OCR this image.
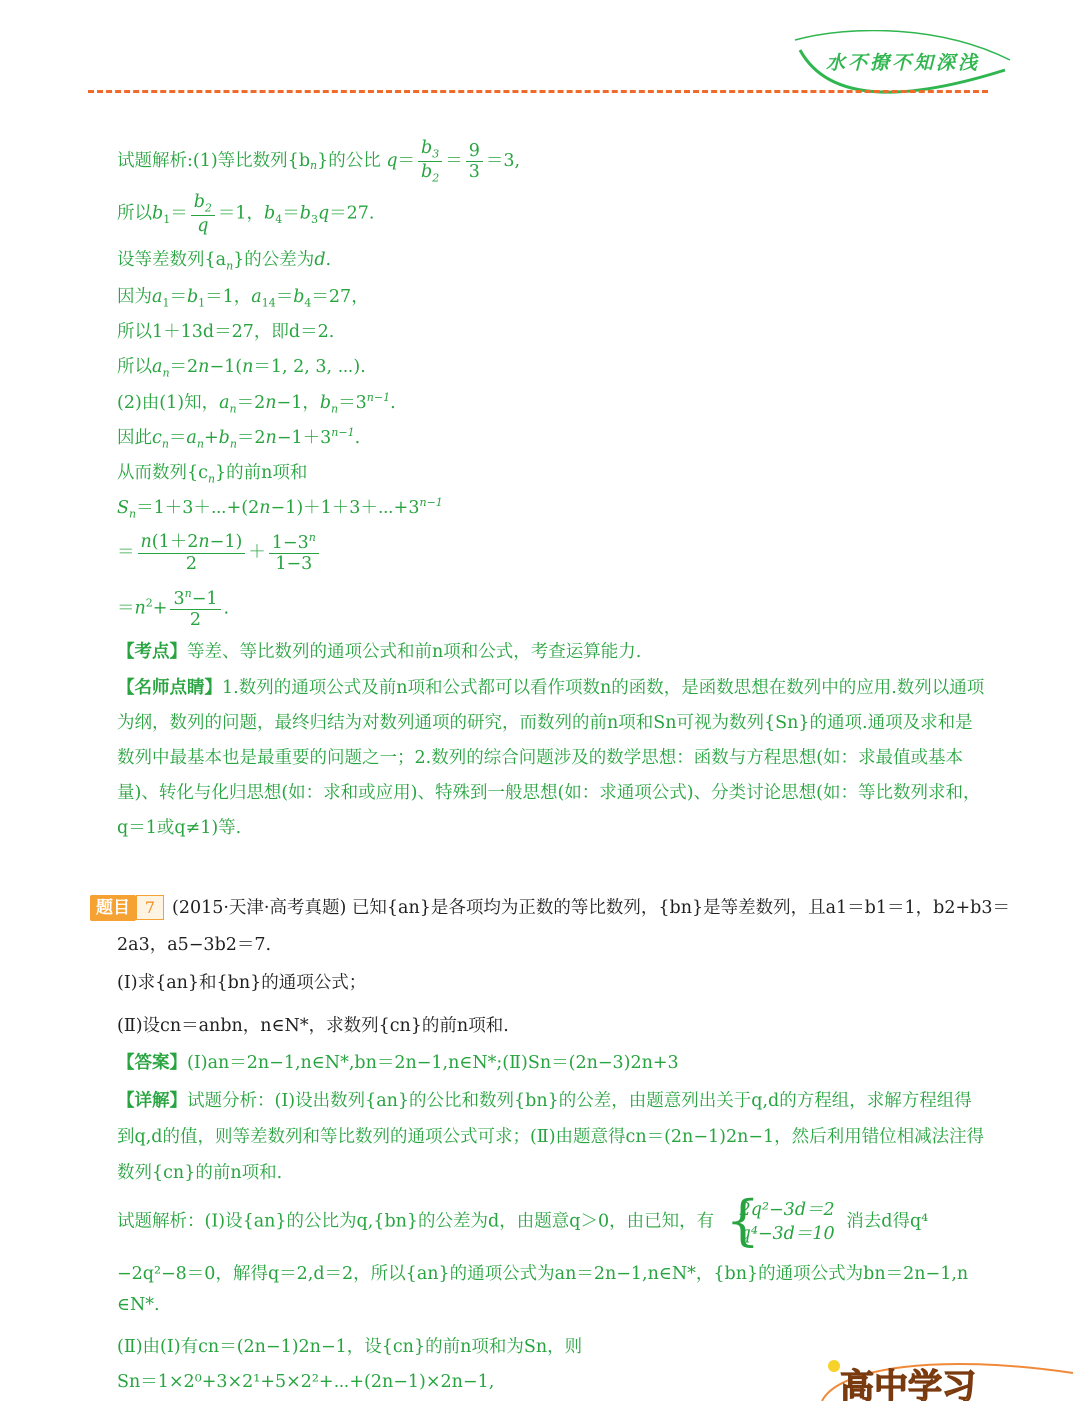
水不撩不知深浅
试题解析:(1)等比数列{bn}的公比 $q= \frac{b_3}{b_2} = \frac{9}{3} =3$,
所以$b_1= \frac{b_2}{q} =1$，$b_4=b_3q=27$.
设等差数列$\{a_n\}$的公差为d.
因为$a_1=b_1=1$，$a_{14}=b_4=27$，
所以1＋13d＝27，即d＝2.
所以$a_n=2n-1(n=1$, 2, 3, ⋯).
(2)由(1)知，$a_n=2n-1$，$b_n=3^{n-1}$.
因此$c_n=a_n+b_n=2n-1+3^{n-1}$.
从而数列$\{c_n\}$的前n项和
$S_n=1+3+\cdots+(2n-1)+1+3+\cdots+3^{n-1}$
＝ $\frac{n(1+2n-1)}{2} + \frac{1-3^n}{1-3}$
$=n^2+ \frac{3^n-1}{2}$ .
【考点】等差、等比数列的通项公式和前n项和公式，考查运算能力.
【名师点睛】1.数列的通项公式及前n项和公式都可以看作项数n的函数，是函数思想在数列中的应用.数列以通项为纲，数列的问题，最终归结为对数列通项的研究，而数列的前n项和Sn可视为数列{Sn}的通项.通项及求和是数列中最基本也是最重要的问题之一；2.数列的综合问题涉及的数学思想：函数与方程思想(如：求最值或基本量)、转化与化归思想(如：求和或应用)、特殊到一般思想(如：求通项公式)、分类讨论思想(如：等比数列求和，q＝1或q≠1)等.
题目 7 (2015·天津·高考真题) 已知{an}是各项均为正数的等比数列，{bn}是等差数列，且a1＝b1＝1，b2+b3＝
2a3，a5−3b2＝7.
(Ⅰ)求{an}和{bn}的通项公式；
(Ⅱ)设cn＝anbn，n∈N*，求数列{cn}的前n项和.
【答案】(Ⅰ)an＝2n−1,n∈N*,bn＝2n−1,n∈N*;(Ⅱ)Sn＝(2n−3)2n+3
【详解】试题分析：(Ⅰ)设出数列{an}的公比和数列{bn}的公差，由题意列出关于q,d的方程组，求解方程组得到q,d的值，则等差数列和等比数列的通项公式可求；(Ⅱ)由题意得cn＝(2n−1)2n−1，然后利用错位相减法注得数列{cn}的前n项和.
试题解析：(Ⅰ)设{an}的公比为q,{bn}的公差为d，由题意q＞0，由已知，有 {
2q²−3d＝2
q⁴−3d＝10
消去d得q⁴
−2q²−8＝0，解得q＝2,d＝2，所以{an}的通项公式为an＝2n−1,n∈N*，{bn}的通项公式为bn＝2n−1,n
∈N*.
(Ⅱ)由(Ⅰ)有cn＝(2n−1)2n−1，设{cn}的前n项和为Sn，则
Sn＝1×2⁰+3×2¹+5×2²+⋯+(2n−1)×2n−1,	高中学习
